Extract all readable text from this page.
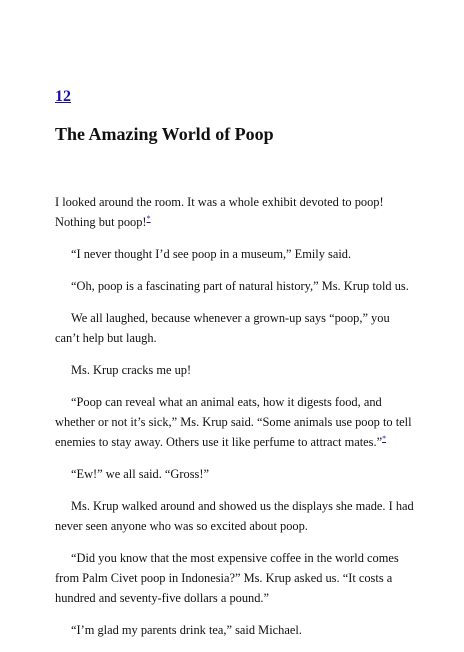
12
The Amazing World of Poop

I looked around the room. It was a whole exhibit devoted to poop! Nothing but poop!*

“I never thought I’d see poop in a museum,” Emily said.

“Oh, poop is a fascinating part of natural history,” Ms. Krup told us.

We all laughed, because whenever a grown-up says “poop,” you can’t help but laugh.

Ms. Krup cracks me up!

“Poop can reveal what an animal eats, how it digests food, and whether or not it’s sick,” Ms. Krup said. “Some animals use poop to tell enemies to stay away. Others use it like perfume to attract mates.”*

“Ew!” we all said. “Gross!”

Ms. Krup walked around and showed us the displays she made. I had never seen anyone who was so excited about poop.

“Did you know that the most expensive coffee in the world comes from Palm Civet poop in Indonesia?” Ms. Krup asked us. “It costs a hundred and seventy-five dollars a pound.”

“I’m glad my parents drink tea,” said Michael.
